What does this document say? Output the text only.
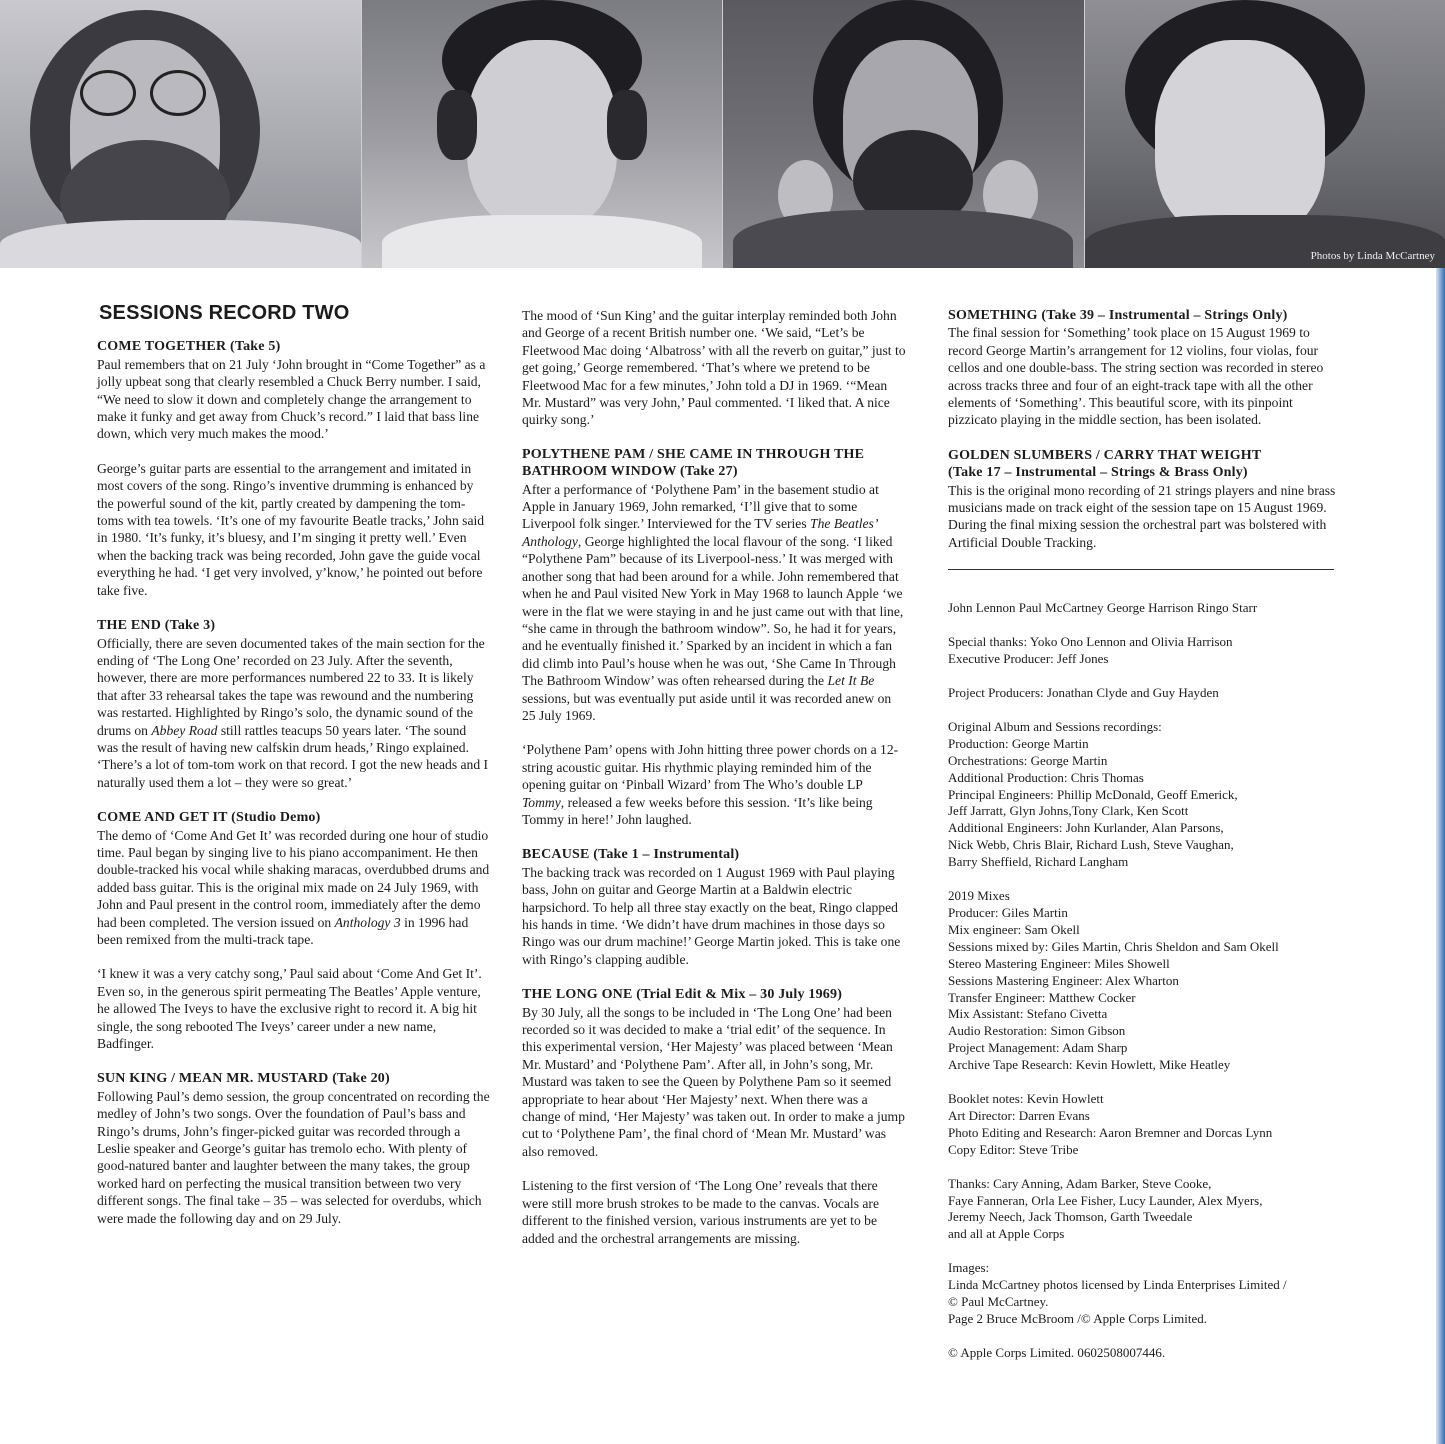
Photos by Linda McCartney
SESSIONS RECORD TWO
COME TOGETHER (Take 5)

Paul remembers that on 21 July ‘John brought in “Come Together” as a jolly upbeat song that clearly resembled a Chuck Berry number. I said, “We need to slow it down and completely change the arrangement to make it funky and get away from Chuck’s record.” I laid that bass line down, which very much makes the mood.’

George’s guitar parts are essential to the arrangement and imitated in most covers of the song. Ringo’s inventive drumming is enhanced by the powerful sound of the kit, partly created by dampening the tom-toms with tea towels. ‘It’s one of my favourite Beatle tracks,’ John said in 1980. ‘It’s funky, it’s bluesy, and I’m singing it pretty well.’ Even when the backing track was being recorded, John gave the guide vocal everything he had. ‘I get very involved, y’know,’ he pointed out before take five.

THE END (Take 3)

Officially, there are seven documented takes of the main section for the ending of ‘The Long One’ recorded on 23 July. After the seventh, however, there are more performances numbered 22 to 33. It is likely that after 33 rehearsal takes the tape was rewound and the numbering was restarted. Highlighted by Ringo’s solo, the dynamic sound of the drums on Abbey Road still rattles teacups 50 years later. ‘The sound was the result of having new calfskin drum heads,’ Ringo explained. ‘There’s a lot of tom-tom work on that record. I got the new heads and I naturally used them a lot – they were so great.’

COME AND GET IT (Studio Demo)

The demo of ‘Come And Get It’ was recorded during one hour of studio time. Paul began by singing live to his piano accompaniment. He then double-tracked his vocal while shaking maracas, overdubbed drums and added bass guitar. This is the original mix made on 24 July 1969, with John and Paul present in the control room, immediately after the demo had been completed. The version issued on Anthology 3 in 1996 had been remixed from the multi-track tape.

‘I knew it was a very catchy song,’ Paul said about ‘Come And Get It’. Even so, in the generous spirit permeating The Beatles’ Apple venture, he allowed The Iveys to have the exclusive right to record it. A big hit single, the song rebooted The Iveys’ career under a new name, Badfinger.

SUN KING / MEAN MR. MUSTARD (Take 20)

Following Paul’s demo session, the group concentrated on recording the medley of John’s two songs. Over the foundation of Paul’s bass and Ringo’s drums, John’s finger-picked guitar was recorded through a Leslie speaker and George’s guitar has tremolo echo. With plenty of good-natured banter and laughter between the many takes, the group worked hard on perfecting the musical transition between two very different songs. The final take – 35 – was selected for overdubs, which were made the following day and on 29 July.

The mood of ‘Sun King’ and the guitar interplay reminded both John and George of a recent British number one. ‘We said, “Let’s be Fleetwood Mac doing ‘Albatross’ with all the reverb on guitar,” just to get going,’ George remembered. ‘That’s where we pretend to be Fleetwood Mac for a few minutes,’ John told a DJ in 1969. ‘“Mean Mr. Mustard” was very John,’ Paul commented. ‘I liked that. A nice quirky song.’

POLYTHENE PAM / SHE CAME IN THROUGH THE BATHROOM WINDOW (Take 27)

After a performance of ‘Polythene Pam’ in the basement studio at Apple in January 1969, John remarked, ‘I’ll give that to some Liverpool folk singer.’ Interviewed for the TV series The Beatles’ Anthology, George highlighted the local flavour of the song. ‘I liked “Polythene Pam” because of its Liverpool-ness.’ It was merged with another song that had been around for a while. John remembered that when he and Paul visited New York in May 1968 to launch Apple ‘we were in the flat we were staying in and he just came out with that line, “she came in through the bathroom window”. So, he had it for years, and he eventually finished it.’ Sparked by an incident in which a fan did climb into Paul’s house when he was out, ‘She Came In Through The Bathroom Window’ was often rehearsed during the Let It Be sessions, but was eventually put aside until it was recorded anew on 25 July 1969.

‘Polythene Pam’ opens with John hitting three power chords on a 12-string acoustic guitar. His rhythmic playing reminded him of the opening guitar on ‘Pinball Wizard’ from The Who’s double LP Tommy, released a few weeks before this session. ‘It’s like being Tommy in here!’ John laughed.

BECAUSE (Take 1 – Instrumental)

The backing track was recorded on 1 August 1969 with Paul playing bass, John on guitar and George Martin at a Baldwin electric harpsichord. To help all three stay exactly on the beat, Ringo clapped his hands in time. ‘We didn’t have drum machines in those days so Ringo was our drum machine!’ George Martin joked. This is take one with Ringo’s clapping audible.

THE LONG ONE (Trial Edit & Mix – 30 July 1969)

By 30 July, all the songs to be included in ‘The Long One’ had been recorded so it was decided to make a ‘trial edit’ of the sequence. In this experimental version, ‘Her Majesty’ was placed between ‘Mean Mr. Mustard’ and ‘Polythene Pam’. After all, in John’s song, Mr. Mustard was taken to see the Queen by Polythene Pam so it seemed appropriate to hear about ‘Her Majesty’ next. When there was a change of mind, ‘Her Majesty’ was taken out. In order to make a jump cut to ‘Polythene Pam’, the final chord of ‘Mean Mr. Mustard’ was also removed.

Listening to the first version of ‘The Long One’ reveals that there were still more brush strokes to be made to the canvas. Vocals are different to the finished version, various instruments are yet to be added and the orchestral arrangements are missing.

SOMETHING (Take 39 – Instrumental – Strings Only)

The final session for ‘Something’ took place on 15 August 1969 to record George Martin’s arrangement for 12 violins, four violas, four cellos and one double-bass. The string section was recorded in stereo across tracks three and four of an eight-track tape with all the other elements of ‘Something’. This beautiful score, with its pinpoint pizzicato playing in the middle section, has been isolated.

GOLDEN SLUMBERS / CARRY THAT WEIGHT
(Take 17 – Instrumental – Strings & Brass Only)

This is the original mono recording of 21 strings players and nine brass musicians made on track eight of the session tape on 15 August 1969. During the final mixing session the orchestral part was bolstered with Artificial Double Tracking.

John Lennon Paul McCartney George Harrison Ringo Starr

Special thanks: Yoko Ono Lennon and Olivia Harrison
Executive Producer: Jeff Jones

Project Producers: Jonathan Clyde and Guy Hayden

Original Album and Sessions recordings:
Production: George Martin
Orchestrations: George Martin
Additional Production: Chris Thomas
Principal Engineers: Phillip McDonald, Geoff Emerick,
Jeff Jarratt, Glyn Johns,Tony Clark, Ken Scott
Additional Engineers: John Kurlander, Alan Parsons,
Nick Webb, Chris Blair, Richard Lush, Steve Vaughan,
Barry Sheffield, Richard Langham

2019 Mixes
Producer: Giles Martin
Mix engineer: Sam Okell
Sessions mixed by: Giles Martin, Chris Sheldon and Sam Okell
Stereo Mastering Engineer: Miles Showell
Sessions Mastering Engineer: Alex Wharton
Transfer Engineer: Matthew Cocker
Mix Assistant: Stefano Civetta
Audio Restoration: Simon Gibson
Project Management: Adam Sharp
Archive Tape Research: Kevin Howlett, Mike Heatley

Booklet notes: Kevin Howlett
Art Director: Darren Evans
Photo Editing and Research: Aaron Bremner and Dorcas Lynn
Copy Editor: Steve Tribe

Thanks: Cary Anning, Adam Barker, Steve Cooke,
Faye Fanneran, Orla Lee Fisher, Lucy Launder, Alex Myers,
Jeremy Neech, Jack Thomson, Garth Tweedale
and all at Apple Corps

Images:
Linda McCartney photos licensed by Linda Enterprises Limited /
© Paul McCartney.
Page 2 Bruce McBroom /© Apple Corps Limited.

© Apple Corps Limited. 0602508007446.
